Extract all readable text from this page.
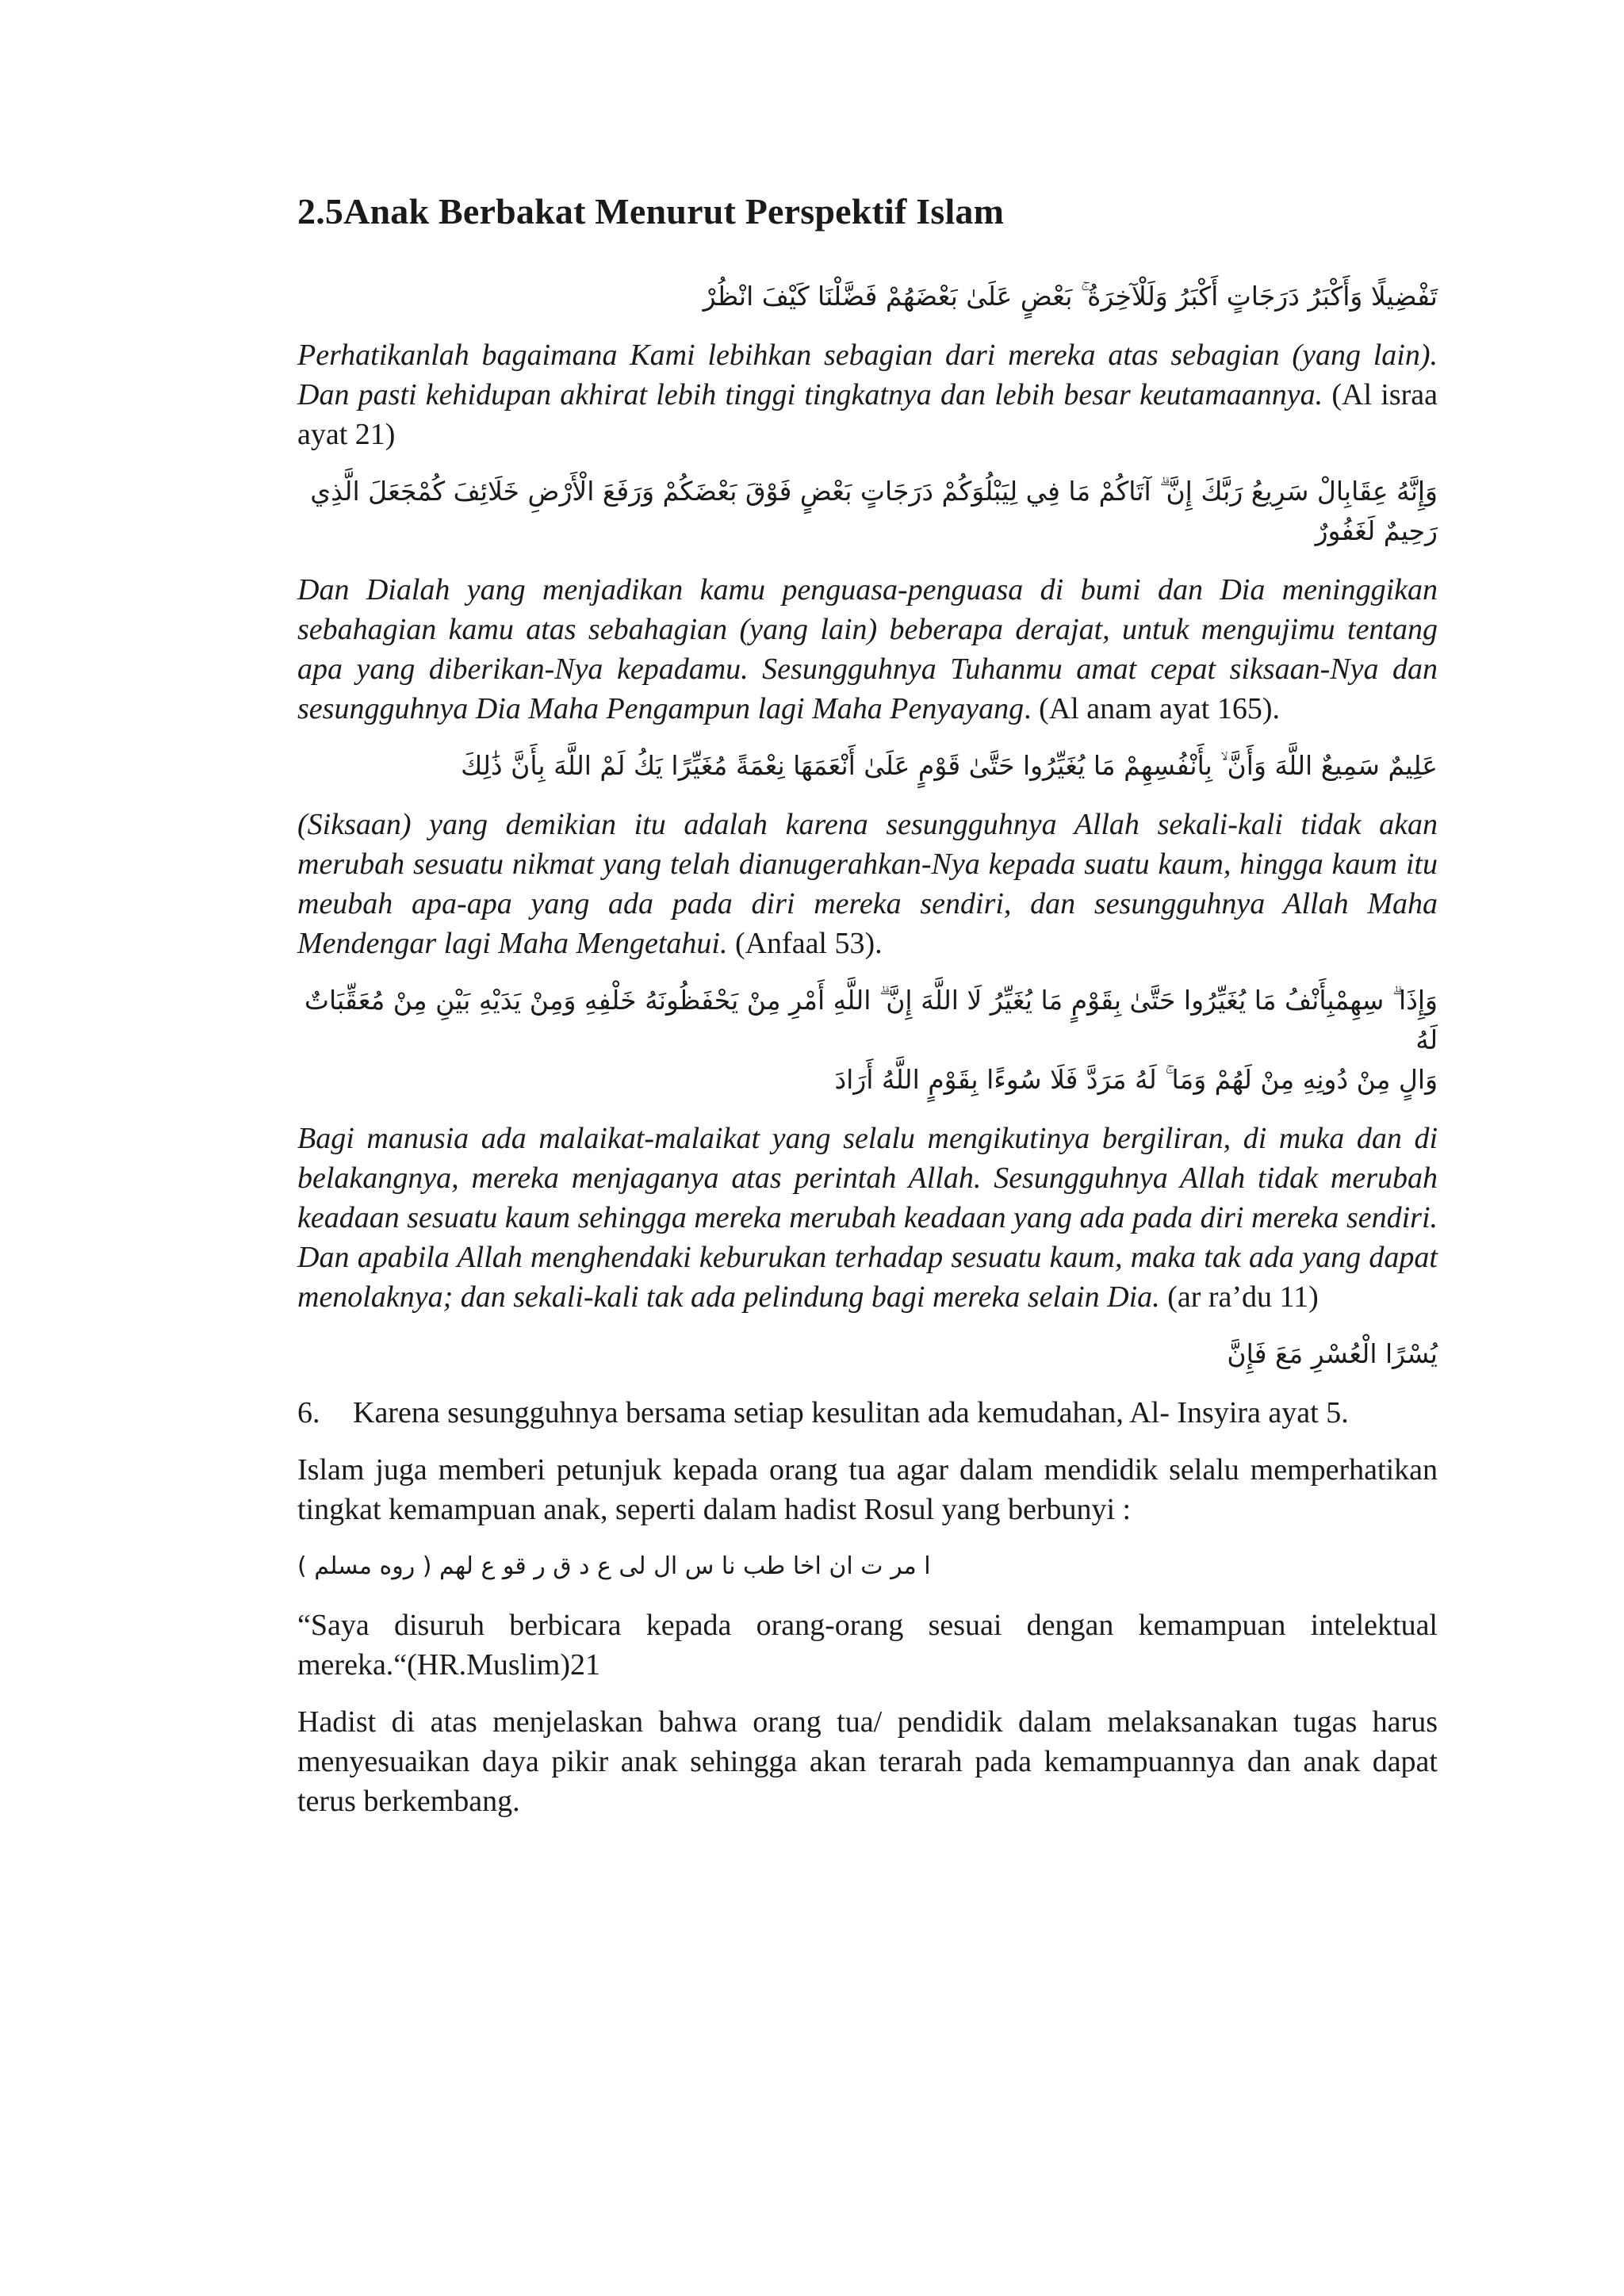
2.5Anak Berbakat Menurut Perspektif Islam

تَفْضِيلًا وَأَكْبَرُ دَرَجَاتٍ أَكْبَرُ وَلَلْآخِرَةُ ۚ بَعْضٍ عَلَىٰ بَعْضَهُمْ فَضَّلْنَا كَيْفَ انْظُرْ

Perhatikanlah bagaimana Kami lebihkan sebagian dari mereka atas sebagian (yang lain). Dan pasti kehidupan akhirat lebih tinggi tingkatnya dan lebih besar keutamaannya. (Al israa ayat 21)

وَإِنَّهُ عِقَابِالْ سَرِيعُ رَبَّكَ إِنَّ ۗ آتَاكُمْ مَا فِي لِيَبْلُوَكُمْ دَرَجَاتٍ بَعْضٍ فَوْقَ بَعْضَكُمْ وَرَفَعَ الْأَرْضِ خَلَائِفَ كُمْجَعَلَ الَّذِي
رَحِيمٌ لَغَفُورٌ

Dan Dialah yang menjadikan kamu penguasa-penguasa di bumi dan Dia meninggikan sebahagian kamu atas sebahagian (yang lain) beberapa derajat, untuk mengujimu tentang apa yang diberikan-Nya kepadamu. Sesungguhnya Tuhanmu amat cepat siksaan-Nya dan sesungguhnya Dia Maha Pengampun lagi Maha Penyayang. (Al anam ayat 165).

عَلِيمٌ سَمِيعٌ اللَّهَ وَأَنَّ ۙ بِأَنْفُسِهِمْ مَا يُغَيِّرُوا حَتَّىٰ قَوْمٍ عَلَىٰ أَنْعَمَهَا نِعْمَةً مُغَيِّرًا يَكُ لَمْ اللَّهَ بِأَنَّ ذَٰلِكَ

(Siksaan) yang demikian itu adalah karena sesungguhnya Allah sekali-kali tidak akan merubah sesuatu nikmat yang telah dianugerahkan-Nya kepada suatu kaum, hingga kaum itu meubah apa-apa yang ada pada diri mereka sendiri, dan sesungguhnya Allah Maha Mendengar lagi Maha Mengetahui. (Anfaal 53).

وَإِذَا ۗ سِهِمْبِأَنْفُ مَا يُغَيِّرُوا حَتَّىٰ بِقَوْمٍ مَا يُغَيِّرُ لَا اللَّهَ إِنَّ ۗ اللَّهِ أَمْرِ مِنْ يَحْفَظُونَهُ خَلْفِهِ وَمِنْ يَدَيْهِ بَيْنِ مِنْ مُعَقِّبَاتٌ لَهُ
وَالٍ مِنْ دُونِهِ مِنْ لَهُمْ وَمَا ۚ لَهُ مَرَدَّ فَلَا سُوءًا بِقَوْمٍ اللَّهُ أَرَادَ

Bagi manusia ada malaikat-malaikat yang selalu mengikutinya bergiliran, di muka dan di belakangnya, mereka menjaganya atas perintah Allah. Sesungguhnya Allah tidak merubah keadaan sesuatu kaum sehingga mereka merubah keadaan yang ada pada diri mereka sendiri. Dan apabila Allah menghendaki keburukan terhadap sesuatu kaum, maka tak ada yang dapat menolaknya; dan sekali-kali tak ada pelindung bagi mereka selain Dia. (ar ra’du 11)

يُسْرًا الْعُسْرِ مَعَ فَإِنَّ

6. Karena sesungguhnya bersama setiap kesulitan ada kemudahan, Al- Insyira ayat 5.

Islam juga memberi petunjuk kepada orang tua agar dalam mendidik selalu memperhatikan tingkat kemampuan anak, seperti dalam hadist Rosul yang berbunyi :

ا مر ت ان اخا طب نا س ال لى ع د ق ر قو ع لهم ( روه مسلم )

“Saya disuruh berbicara kepada orang-orang sesuai dengan kemampuan intelektual mereka.“(HR.Muslim)21

Hadist di atas menjelaskan bahwa orang tua/ pendidik dalam melaksanakan tugas harus menyesuaikan daya pikir anak sehingga akan terarah pada kemampuannya dan anak dapat terus berkembang.
